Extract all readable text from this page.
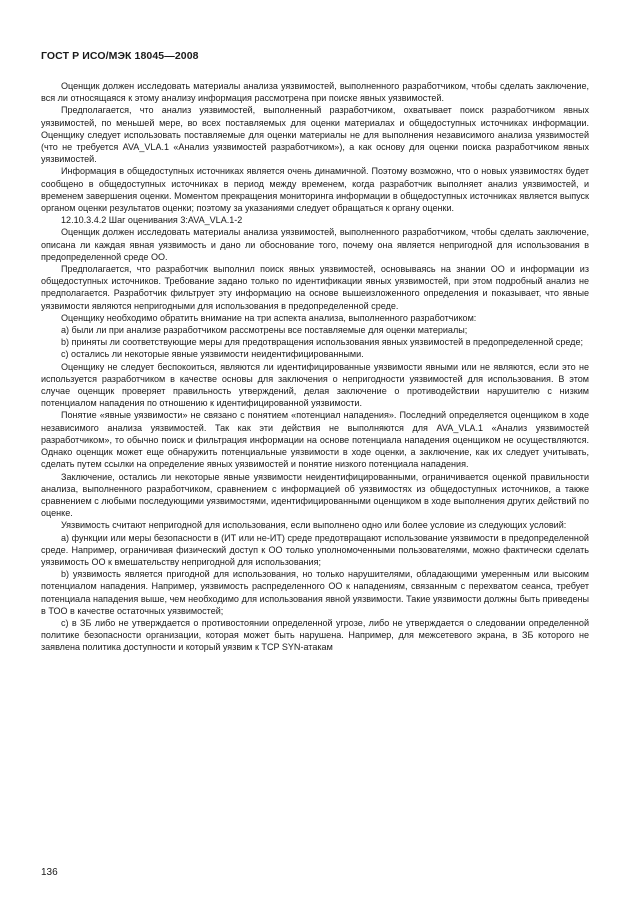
ГОСТ Р ИСО/МЭК 18045—2008

Оценщик должен исследовать материалы анализа уязвимостей, выполненного разработчиком, чтобы сделать заключение, вся ли относящаяся к этому анализу информация рассмотрена при поиске явных уязвимостей.

Предполагается, что анализ уязвимостей, выполненный разработчиком, охватывает поиск разработчиком явных уязвимостей, по меньшей мере, во всех поставляемых для оценки материалах и общедоступных источниках информации. Оценщику следует использовать поставляемые для оценки материалы не для выполнения независимого анализа уязвимостей (что не требуется AVA_VLA.1 «Анализ уязвимостей разработчиком»), а как основу для оценки поиска разработчиком явных уязвимостей.

Информация в общедоступных источниках является очень динамичной. Поэтому возможно, что о новых уязвимостях будет сообщено в общедоступных источниках в период между временем, когда разработчик выполняет анализ уязвимостей, и временем завершения оценки. Моментом прекращения мониторинга информации в общедоступных источниках является выпуск органом оценки результатов оценки; поэтому за указаниями следует обращаться к органу оценки.

12.10.3.4.2 Шаг оценивания 3:AVA_VLA.1-2

Оценщик должен исследовать материалы анализа уязвимостей, выполненного разработчиком, чтобы сделать заключение, описана ли каждая явная уязвимость и дано ли обоснование того, почему она является непригодной для использования в предопределенной среде ОО.

Предполагается, что разработчик выполнил поиск явных уязвимостей, основываясь на знании ОО и информации из общедоступных источников. Требование задано только по идентификации явных уязвимостей, при этом подробный анализ не предполагается. Разработчик фильтрует эту информацию на основе вышеизложенного определения и показывает, что явные уязвимости являются непригодными для использования в предопределенной среде.

Оценщику необходимо обратить внимание на три аспекта анализа, выполненного разработчиком:

а) были ли при анализе разработчиком рассмотрены все поставляемые для оценки материалы;

b) приняты ли соответствующие меры для предотвращения использования явных уязвимостей в предопределенной среде;

с) остались ли некоторые явные уязвимости неидентифицированными.

Оценщику не следует беспокоиться, являются ли идентифицированные уязвимости явными или не являются, если это не используется разработчиком в качестве основы для заключения о непригодности уязвимостей для использования. В этом случае оценщик проверяет правильность утверждений, делая заключение о противодействии нарушителю с низким потенциалом нападения по отношению к идентифицированной уязвимости.

Понятие «явные уязвимости» не связано с понятием «потенциал нападения». Последний определяется оценщиком в ходе независимого анализа уязвимостей. Так как эти действия не выполняются для AVA_VLA.1 «Анализ уязвимостей разработчиком», то обычно поиск и фильтрация информации на основе потенциала нападения оценщиком не осуществляются. Однако оценщик может еще обнаружить потенциальные уязвимости в ходе оценки, а заключение, как их следует учитывать, сделать путем ссылки на определение явных уязвимостей и понятие низкого потенциала нападения.

Заключение, остались ли некоторые явные уязвимости неидентифицированными, ограничивается оценкой правильности анализа, выполненного разработчиком, сравнением с информацией об уязвимостях из общедоступных источников, а также сравнением с любыми последующими уязвимостями, идентифицированными оценщиком в ходе выполнения других действий по оценке.

Уязвимость считают непригодной для использования, если выполнено одно или более условие из следующих условий:

а) функции или меры безопасности в (ИТ или не-ИТ) среде предотвращают использование уязвимости в предопределенной среде. Например, ограничивая физический доступ к ОО только уполномоченными пользователями, можно фактически сделать уязвимость ОО к вмешательству непригодной для использования;

b) уязвимость является пригодной для использования, но только нарушителями, обладающими умеренным или высоким потенциалом нападения. Например, уязвимость распределенного ОО к нападениям, связанным с перехватом сеанса, требует потенциала нападения выше, чем необходимо для использования явной уязвимости. Такие уязвимости должны быть приведены в ТОО в качестве остаточных уязвимостей;

с) в ЗБ либо не утверждается о противостоянии определенной угрозе, либо не утверждается о следовании определенной политике безопасности организации, которая может быть нарушена. Например, для межсетевого экрана, в ЗБ которого не заявлена политика доступности и который уязвим к TCP SYN-атакам

136
